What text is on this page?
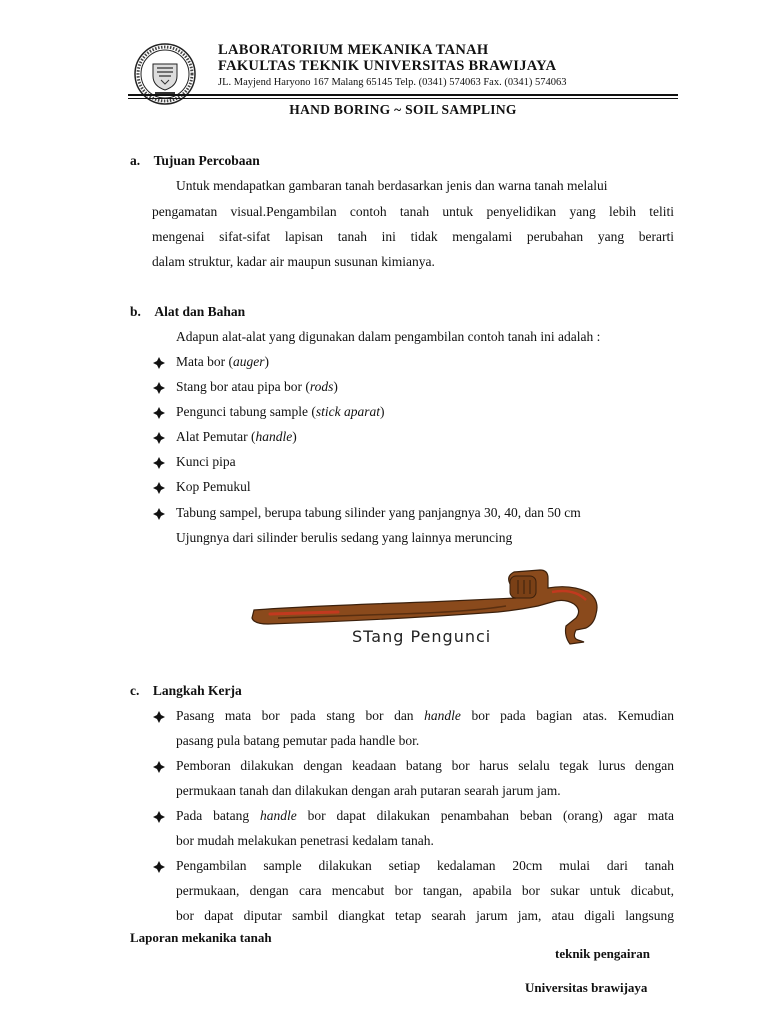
LABORATORIUM MEKANIKA TANAH
FAKULTAS TEKNIK UNIVERSITAS BRAWIJAYA
JL. Mayjend Haryono 167 Malang 65145 Telp. (0341) 574063 Fax. (0341) 574063
HAND BORING ~ SOIL SAMPLING
a.    Tujuan Percobaan
Untuk mendapatkan gambaran tanah berdasarkan jenis dan warna tanah melalui
pengamatan visual.Pengambilan contoh tanah untuk penyelidikan yang lebih teliti
mengenai sifat-sifat lapisan tanah ini tidak mengalami perubahan yang berarti
dalam struktur, kadar air maupun susunan kimianya.
b.    Alat dan Bahan
Adapun alat-alat yang digunakan dalam pengambilan contoh tanah ini adalah :
Mata bor (auger)
Stang bor atau pipa bor (rods)
Pengunci tabung sample (stick aparat)
Alat Pemutar (handle)
Kunci pipa
Kop Pemukul
Tabung sampel, berupa tabung silinder yang panjangnya 30, 40, dan 50 cm
Ujungnya dari silinder berulis sedang yang lainnya meruncing
STang Pengunci
c.    Langkah Kerja
Pasang mata bor pada stang bor dan handle bor pada bagian atas. Kemudian
pasang pula batang pemutar pada handle bor.
Pemboran dilakukan dengan keadaan batang bor harus selalu tegak lurus dengan
permukaan tanah dan dilakukan dengan arah putaran searah jarum jam.
Pada batang handle bor dapat dilakukan penambahan beban (orang) agar mata
bor mudah melakukan penetrasi kedalam tanah.
Pengambilan sample dilakukan setiap kedalaman 20cm mulai dari tanah
permukaan, dengan cara mencabut bor tangan, apabila bor sukar untuk dicabut,
bor dapat diputar sambil diangkat tetap searah jarum jam, atau digali langsung
Laporan mekanika tanah
teknik pengairan
Universitas brawijaya
